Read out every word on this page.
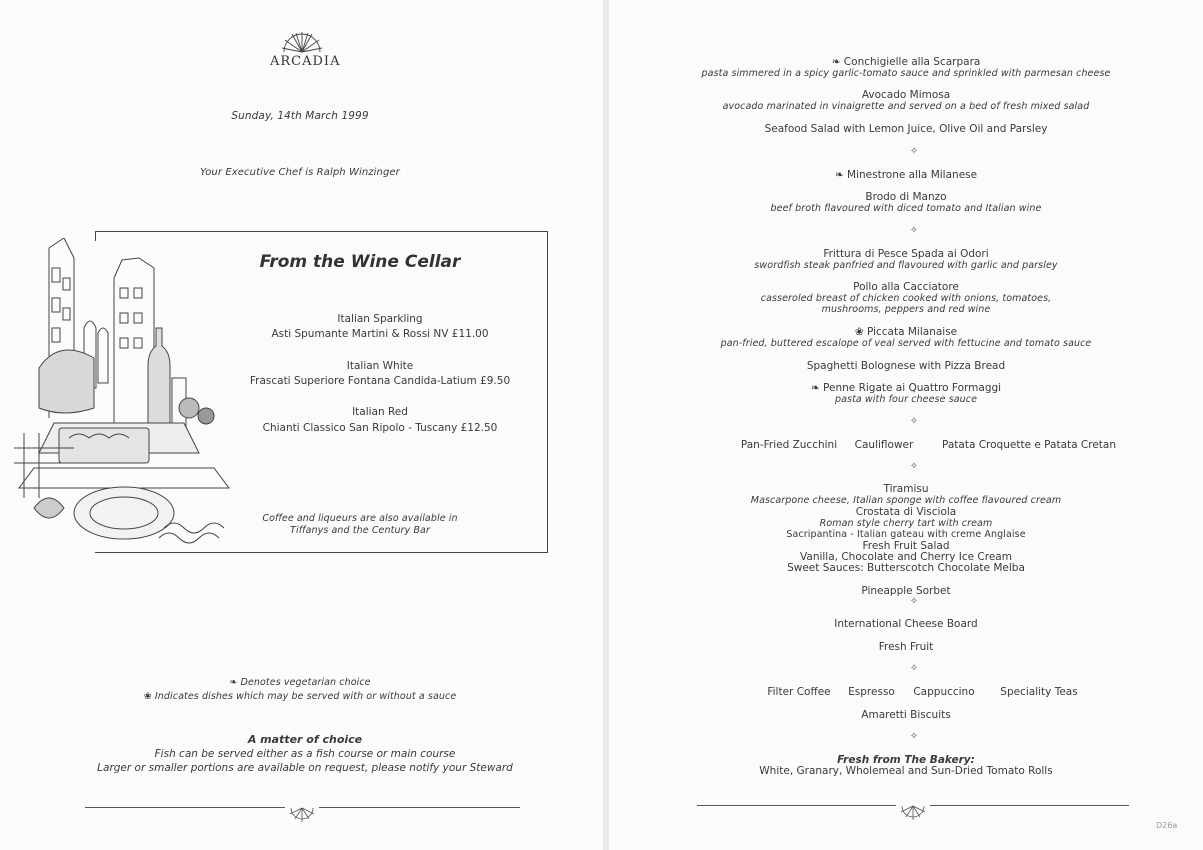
ARCADIA
Sunday, 14th March 1999
Your Executive Chef is Ralph Winzinger
From the Wine Cellar
Italian Sparkling
Asti Spumante Martini & Rossi NV £11.00
Italian White
Frascati Superiore Fontana Candida-Latium £9.50
Italian Red
Chianti Classico San Ripolo - Tuscany £12.50
Coffee and liqueurs are also available in
Tiffanys and the Century Bar
❧ Denotes vegetarian choice
❀ Indicates dishes which may be served with or without a sauce
A matter of choice
Fish can be served either as a fish course or main course
Larger or smaller portions are available on request, please notify your Steward
❧ Conchigielle alla Scarpara
pasta simmered in a spicy garlic-tomato sauce and sprinkled with parmesan cheese
Avocado Mimosa
avocado marinated in vinaigrette and served on a bed of fresh mixed salad
Seafood Salad with Lemon Juice, Olive Oil and Parsley
✧
❧ Minestrone alla Milanese
Brodo di Manzo
beef broth flavoured with diced tomato and Italian wine
✧
Frittura di Pesce Spada ai Odori
swordfish steak panfried and flavoured with garlic and parsley
Pollo alla Cacciatore
casseroled breast of chicken cooked with onions, tomatoes,
mushrooms, peppers and red wine
❀ Piccata Milanaise
pan-fried, buttered escalope of veal served with fettucine and tomato sauce
Spaghetti Bolognese with Pizza Bread
❧ Penne Rigate ai Quattro Formaggi
pasta with four cheese sauce
✧
Pan-Fried Zucchini	Cauliflower	Patata Croquette e Patata Cretan
✧
Tiramisu
Mascarpone cheese, Italian sponge with coffee flavoured cream
Crostata di Visciola
Roman style cherry tart with cream
Sacripantina - Italian gateau with creme Anglaise
Fresh Fruit Salad
Vanilla, Chocolate and Cherry Ice Cream
Sweet Sauces: Butterscotch Chocolate Melba
Pineapple Sorbet
✧
International Cheese Board
Fresh Fruit
✧
Filter Coffee	Espresso	Cappuccino	Speciality Teas
Amaretti Biscuits
✧
Fresh from The Bakery:
White, Granary, Wholemeal and Sun-Dried Tomato Rolls
D26a
